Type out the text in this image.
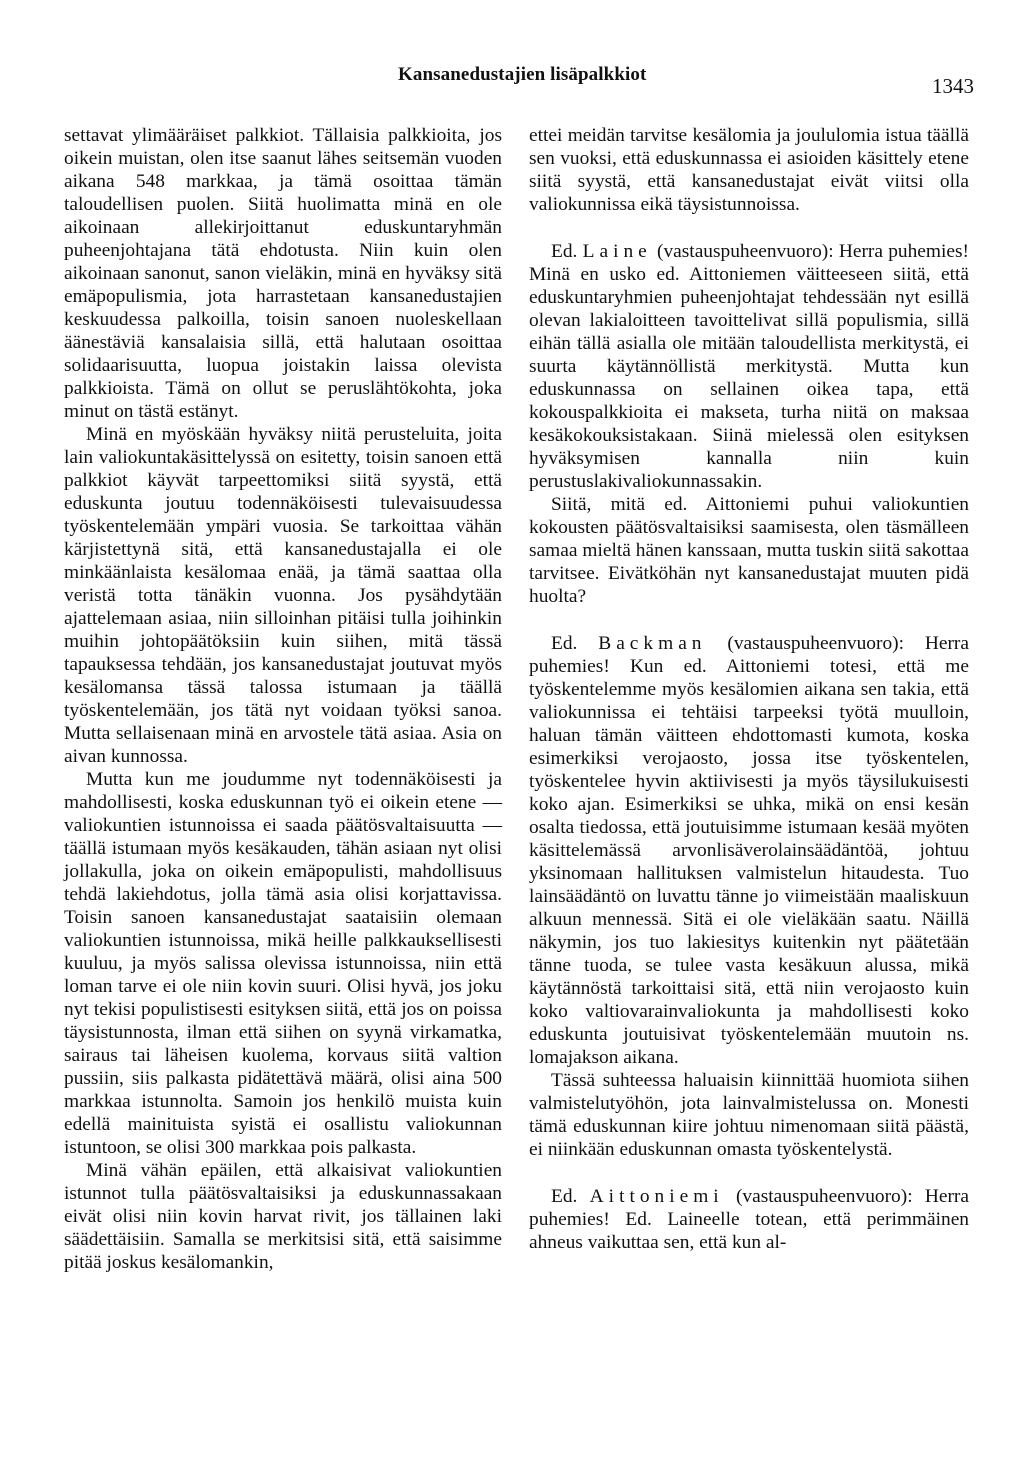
Kansanedustajien lisäpalkkiot	1343

settavat ylimääräiset palkkiot. Tällaisia palkkioita, jos oikein muistan, olen itse saanut lähes seitsemän vuoden aikana 548 markkaa, ja tämä osoittaa tämän taloudellisen puolen. Siitä huolimatta minä en ole aikoinaan allekirjoittanut eduskuntaryhmän puheenjohtajana tätä ehdotusta. Niin kuin olen aikoinaan sanonut, sanon vieläkin, minä en hyväksy sitä emäpopulismia, jota harrastetaan kansanedustajien keskuudessa palkoilla, toisin sanoen nuoleskellaan äänestäviä kansalaisia sillä, että halutaan osoittaa solidaarisuutta, luopua joistakin laissa olevista palkkioista. Tämä on ollut se peruslähtökohta, joka minut on tästä estänyt.

Minä en myöskään hyväksy niitä perusteluita, joita lain valiokuntakäsittelyssä on esitetty, toisin sanoen että palkkiot käyvät tarpeettomiksi siitä syystä, että eduskunta joutuu todennäköisesti tulevaisuudessa työskentelemään ympäri vuosia. Se tarkoittaa vähän kärjistettynä sitä, että kansanedustajalla ei ole minkäänlaista kesälomaa enää, ja tämä saattaa olla veristä totta tänäkin vuonna. Jos pysähdytään ajattelemaan asiaa, niin silloinhan pitäisi tulla joihinkin muihin johtopäätöksiin kuin siihen, mitä tässä tapauksessa tehdään, jos kansanedustajat joutuvat myös kesälomansa tässä talossa istumaan ja täällä työskentelemään, jos tätä nyt voidaan työksi sanoa. Mutta sellaisenaan minä en arvostele tätä asiaa. Asia on aivan kunnossa.

Mutta kun me joudumme nyt todennäköisesti ja mahdollisesti, koska eduskunnan työ ei oikein etene — valiokuntien istunnoissa ei saada päätösvaltaisuutta — täällä istumaan myös kesäkauden, tähän asiaan nyt olisi jollakulla, joka on oikein emäpopulisti, mahdollisuus tehdä lakiehdotus, jolla tämä asia olisi korjattavissa. Toisin sanoen kansanedustajat saataisiin olemaan valiokuntien istunnoissa, mikä heille palkkauksellisesti kuuluu, ja myös salissa olevissa istunnoissa, niin että loman tarve ei ole niin kovin suuri. Olisi hyvä, jos joku nyt tekisi populistisesti esityksen siitä, että jos on poissa täysistunnosta, ilman että siihen on syynä virkamatka, sairaus tai läheisen kuolema, korvaus siitä valtion pussiin, siis palkasta pidätettävä määrä, olisi aina 500 markkaa istunnolta. Samoin jos henkilö muista kuin edellä mainituista syistä ei osallistu valiokunnan istuntoon, se olisi 300 markkaa pois palkasta.

Minä vähän epäilen, että alkaisivat valiokuntien istunnot tulla päätösvaltaisiksi ja eduskunnassakaan eivät olisi niin kovin harvat rivit, jos tällainen laki säädettäisiin. Samalla se merkitsisi sitä, että saisimme pitää joskus kesälomankin,

ettei meidän tarvitse kesälomia ja joululomia istua täällä sen vuoksi, että eduskunnassa ei asioiden käsittely etene siitä syystä, että kansanedustajat eivät viitsi olla valiokunnissa eikä täysistunnoissa.

Ed. Laine (vastauspuheenvuoro): Herra puhemies! Minä en usko ed. Aittoniemen väitteeseen siitä, että eduskuntaryhmien puheenjohtajat tehdessään nyt esillä olevan lakialoitteen tavoittelivat sillä populismia, sillä eihän tällä asialla ole mitään taloudellista merkitystä, ei suurta käytännöllistä merkitystä. Mutta kun eduskunnassa on sellainen oikea tapa, että kokouspalkkioita ei makseta, turha niitä on maksaa kesäkokouksistakaan. Siinä mielessä olen esityksen hyväksymisen kannalla niin kuin perustuslakivaliokunnassakin.

Siitä, mitä ed. Aittoniemi puhui valiokuntien kokousten päätösvaltaisiksi saamisesta, olen täsmälleen samaa mieltä hänen kanssaan, mutta tuskin siitä sakottaa tarvitsee. Eivätköhän nyt kansanedustajat muuten pidä huolta?

Ed. Backman (vastauspuheenvuoro): Herra puhemies! Kun ed. Aittoniemi totesi, että me työskentelemme myös kesälomien aikana sen takia, että valiokunnissa ei tehtäisi tarpeeksi työtä muulloin, haluan tämän väitteen ehdottomasti kumota, koska esimerkiksi verojaosto, jossa itse työskentelen, työskentelee hyvin aktiivisesti ja myös täysilukuisesti koko ajan. Esimerkiksi se uhka, mikä on ensi kesän osalta tiedossa, että joutuisimme istumaan kesää myöten käsittelemässä arvonlisäverolainsäädäntöä, johtuu yksinomaan hallituksen valmistelun hitaudesta. Tuo lainsäädäntö on luvattu tänne jo viimeistään maaliskuun alkuun mennessä. Sitä ei ole vieläkään saatu. Näillä näkymin, jos tuo lakiesitys kuitenkin nyt päätetään tänne tuoda, se tulee vasta kesäkuun alussa, mikä käytännöstä tarkoittaisi sitä, että niin verojaosto kuin koko valtiovarainvaliokunta ja mahdollisesti koko eduskunta joutuisivat työskentelemään muutoin ns. lomajakson aikana.

Tässä suhteessa haluaisin kiinnittää huomiota siihen valmistelutyöhön, jota lainvalmistelussa on. Monesti tämä eduskunnan kiire johtuu nimenomaan siitä päästä, ei niinkään eduskunnan omasta työskentelystä.

Ed. Aittoniemi (vastauspuheenvuoro): Herra puhemies! Ed. Laineelle totean, että perimmäinen ahneus vaikuttaa sen, että kun al-
